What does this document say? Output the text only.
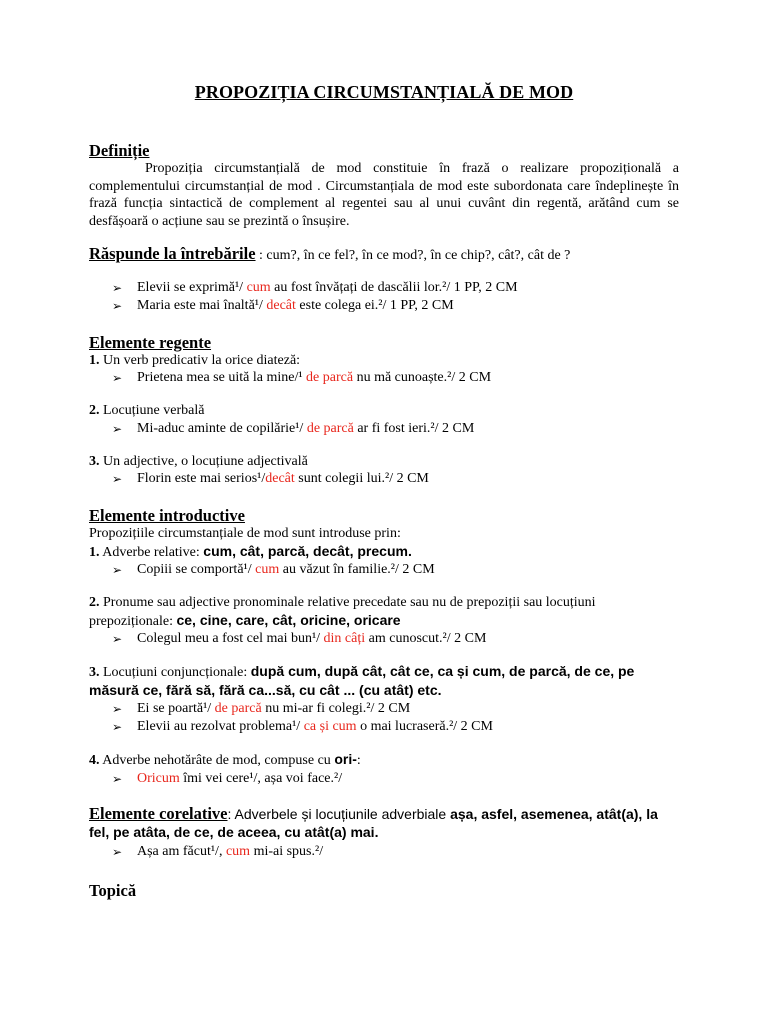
PROPOZIȚIA CIRCUMSTANȚIALĂ DE MOD
Definiție
Propoziția circumstanțială de mod constituie în frază o realizare propozițională a complementului circumstanțial de mod . Circumstanțiala de mod este subordonata care îndeplinește în frază funcția sintactică de complement al regentei sau al unui cuvânt din regentă, arătând cum se desfășoară o acțiune sau se prezintă o însușire.
Răspunde la întrebările : cum?, în ce fel?, în ce mod?, în ce chip?, cât?, cât de ?
➢ Elevii se exprimă¹/ cum au fost învățați de dascălii lor.²/ 1 PP, 2 CM
➢ Maria este mai înaltă¹/ decât este colega ei.²/ 1 PP, 2 CM
Elemente regente
1. Un verb predicativ la orice diateză:
➢ Prietena mea se uită la mine/¹ de parcă nu mă cunoaște.²/ 2 CM
2. Locuțiune verbală
➢ Mi-aduc aminte de copilărie¹/ de parcă ar fi fost ieri.²/ 2 CM
3. Un adjective, o locuțiune adjectivală
➢ Florin este mai serios¹/decât sunt colegii lui.²/ 2 CM
Elemente introductive
Propozițiile circumstanțiale de mod sunt introduse prin:
1. Adverbe relative: cum, cât, parcă, decât, precum.
➢ Copiii se comportă¹/ cum au văzut în familie.²/ 2 CM
2. Pronume sau adjective pronominale relative precedate sau nu de prepoziții sau locuțiuni prepoziționale: ce, cine, care, cât, oricine, oricare
➢ Colegul meu a fost cel mai bun¹/ din câți am cunoscut.²/ 2 CM
3. Locuțiuni conjuncționale: după cum, după cât, cât ce, ca și cum, de parcă, de ce, pe măsură ce, fără să, fără ca...să, cu cât ... (cu atât) etc.
➢ Ei se poartă¹/ de parcă nu mi-ar fi colegi.²/ 2 CM
➢ Elevii au rezolvat problema¹/ ca și cum o mai lucraseră.²/ 2 CM
4. Adverbe nehotărâte de mod, compuse cu ori-:
➢ Oricum îmi vei cere¹/, așa voi face.²/
Elemente corelative: Adverbele și locuțiunile adverbiale așa, asfel, asemenea, atât(a), la fel, pe atâta, de ce, de aceea, cu atât(a) mai.
➢ Așa am făcut¹/, cum mi-ai spus.²/
Topică
